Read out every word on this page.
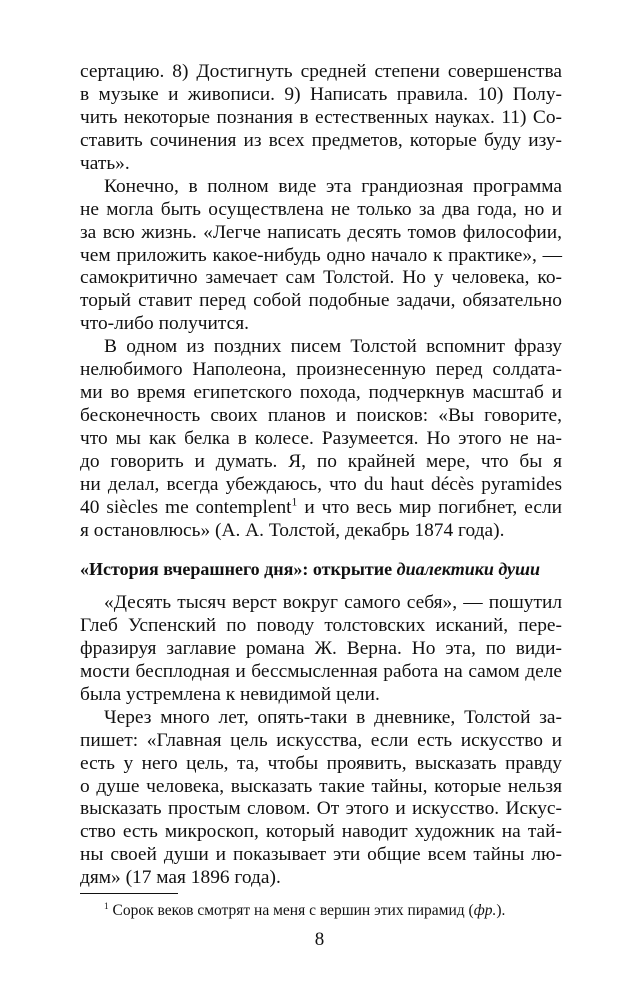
сертацию. 8) Достигнуть средней степени совершенства
в музыке и живописи. 9) Написать правила. 10) Полу-
чить некоторые познания в естественных науках. 11) Со-
ставить сочинения из всех предметов, которые буду изу-
чать».
Конечно, в полном виде эта грандиозная программа
не могла быть осуществлена не только за два года, но и
за всю жизнь. «Легче написать десять томов философии,
чем приложить какое-нибудь одно начало к практике», —
самокритично замечает сам Толстой. Но у человека, ко-
торый ставит перед собой подобные задачи, обязательно
что-либо получится.
В одном из поздних писем Толстой вспомнит фразу
нелюбимого Наполеона, произнесенную перед солдата-
ми во время египетского похода, подчеркнув масштаб и
бесконечность своих планов и поисков: «Вы говорите,
что мы как белка в колесе. Разумеется. Но этого не на-
до говорить и думать. Я, по крайней мере, что бы я
ни делал, всегда убеждаюсь, что du haut décès pyramides
40 siècles me contemplent$^1$ и что весь мир погибнет, если
я остановлюсь» (А. А. Толстой, декабрь 1874 года).
«История вчерашнего дня»: открытие диалектики души
«Десять тысяч верст вокруг самого себя», — пошутил
Глеб Успенский по поводу толстовских исканий, пере-
фразируя заглавие романа Ж. Верна. Но эта, по види-
мости бесплодная и бессмысленная работа на самом деле
была устремлена к невидимой цели.
Через много лет, опять-таки в дневнике, Толстой за-
пишет: «Главная цель искусства, если есть искусство и
есть у него цель, та, чтобы проявить, высказать правду
о душе человека, высказать такие тайны, которые нельзя
высказать простым словом. От этого и искусство. Искус-
ство есть микроскоп, который наводит художник на тай-
ны своей души и показывает эти общие всем тайны лю-
дям» (17 мая 1896 года).
$^1$ Сорок веков смотрят на меня с вершин этих пирамид (фр.).
8
